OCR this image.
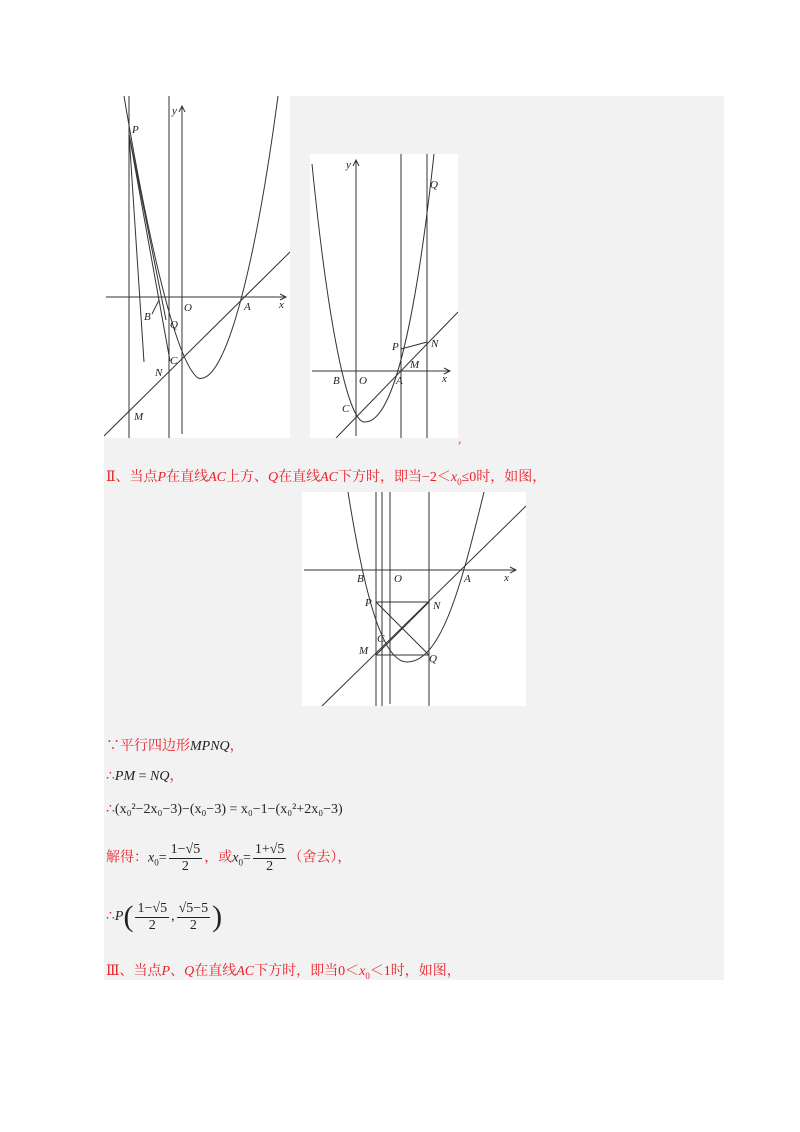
P
y
O	A	x
B
Q
C
N
M
y
Q
P	N
M
B O	A	x
C
,
Ⅱ、当点P在直线AC上方、Q在直线AC下方时，即当$-2<x_0\le 0$时，如图，
B	O	A	x
P	N
C
M
Q
∵平行四边形MPNQ，
∴PM = NQ，
∴(x₀²−2x₀−3)−(x₀−3) = x₀−1−(x₀²+2x₀−3)
解得：$x_0= \frac{1-√5}{2}$ ，或$x_0= \frac{1+√5}{2}$ （舍去），
∴P( $\frac{1-√5}{2}$ , $\frac{√5-5}{2}$ )
Ⅲ、当点P、Q在直线AC下方时，即当$0<x_0<1$时，如图，
